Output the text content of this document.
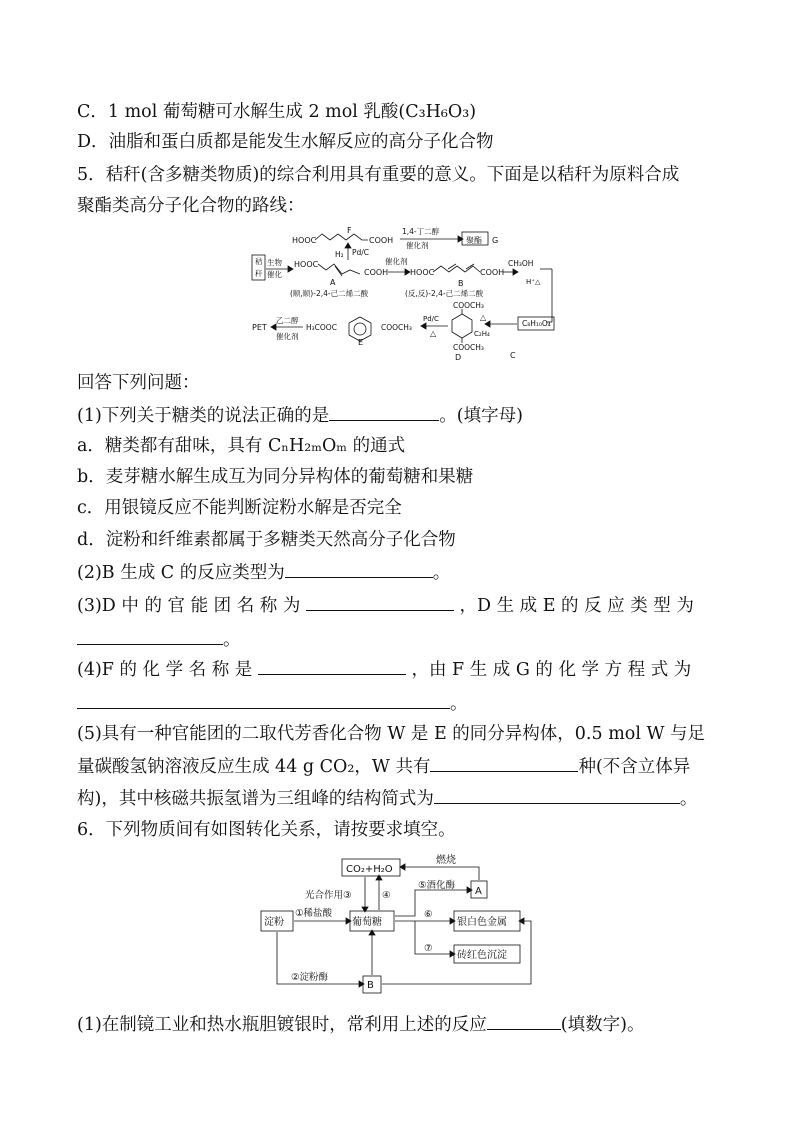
C．1 mol 葡萄糖可水解生成 2 mol 乳酸(C₃H₆O₃)
D．油脂和蛋白质都是能发生水解反应的高分子化合物
5．秸秆(含多糖类物质)的综合利用具有重要的意义。下面是以秸秆为原料合成
聚酯类高分子化合物的路线：
HOOC	COOH
F	1,4-丁二醇
催化剂
聚酯 G
H₂ Pd/C
秸
秆
生物
催化
HOOC
COOH
A
催化剂
HOOC	COOH
B
CH₃OH
H⁺△
(顺,顺)-2,4-己二烯二酸	(反,反)-2,4-己二烯二酸
COOCH₃
C₈H₁₀O₄
C
C₂H₄
△
Pd/C
△
COOCH₃
D
PET
乙二醇
催化剂
H₃COOC	COOCH₃
E
回答下列问题：
(1)下列关于糖类的说法正确的是	。(填字母)
a．糖类都有甜味，具有 CₙH₂ₘOₘ 的通式
b．麦芽糖水解生成互为同分异构体的葡萄糖和果糖
c．用银镜反应不能判断淀粉水解是否完全
d．淀粉和纤维素都属于多糖类天然高分子化合物
(2)B 生成 C 的反应类型为	。
(3)D 中 的 官 能 团 名 称 为	，D 生 成 E 的 反 应 类 型 为
。
(4)F 的 化 学 名 称 是	，由 F 生 成 G 的 化 学 方 程 式 为
。
(5)具有一种官能团的二取代芳香化合物 W 是 E 的同分异构体，0.5 mol W 与足
量碳酸氢钠溶液反应生成 44 g CO₂，W 共有	种(不含立体异
构)，其中核磁共振氢谱为三组峰的结构简式为	。
6．下列物质间有如图转化关系，请按要求填空。
CO₂+H₂O
燃烧
⑤酒化酶
A
光合作用③	④
①稀盐酸
淀粉	葡萄糖
⑥
银白色金属
⑦
砖红色沉淀
②淀粉酶
B
(1)在制镜工业和热水瓶胆镀银时，常利用上述的反应	(填数字)。
